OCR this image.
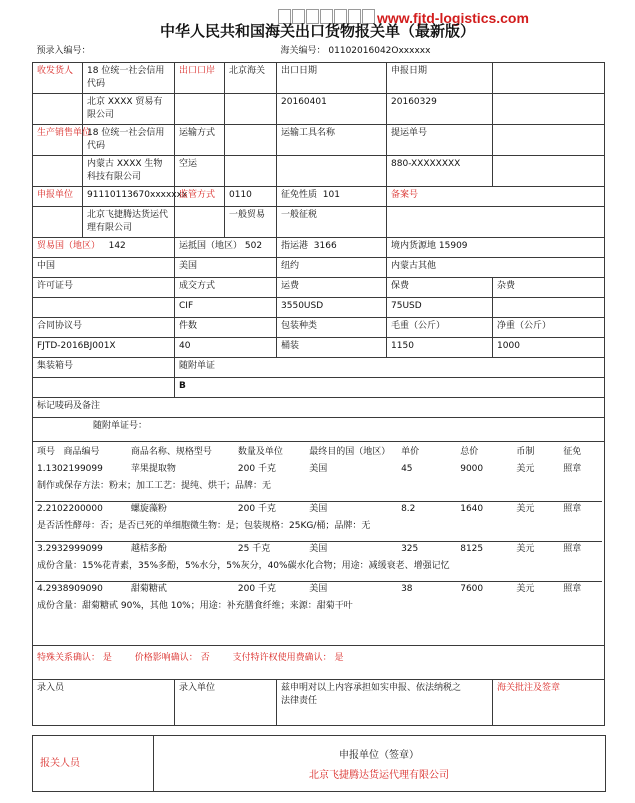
www.fjtd-logistics.com
中华人民共和国海关出口货物报关单（最新版）
预录入编号：	海关编号： 01102016042Oxxxxxx
收发货人	18 位统一社会信用代码	出口口岸	北京海关	出口日期	申报日期	
	北京 XXXX 贸易有限公司			20160401	20160329	
生产销售单位	18 位统一社会信用代码	运输方式		运输工具名称	提运单号	
	内蒙古 XXXX 生物科技有限公司	空运			880-XXXXXXXX	
申报单位	91110113670xxxxxxx	监管方式	0110	征免性质 101	备案号
	北京飞捷腾达货运代理有限公司		一般贸易	一般征税	
贸易国（地区） 142	运抵国（地区） 502	指运港 3166	境内货源地 15909
中国	美国	纽约	内蒙古其他
许可证号	成交方式	运费	保费	杂费
	CIF	3550USD	75USD	
合同协议号	件数	包装种类	毛重（公斤）	净重（公斤）
FJTD-2016BJ001X	40	桶装	1150	1000
集装箱号	随附单证
	B
标记唛码及备注
随附单证号：

项号	商品编号	商品名称、规格型号	数量及单位	最终目的国（地区）	单价	总价	币制	征免
1.1302199099		苹果提取物	200 千克	美国	45	9000	美元	照章
制作或保存方法：粉末；加工工艺：提纯、烘干；品牌：无
2.2102200000		螺旋藻粉	200 千克	美国	8.2	1640	美元	照章
是否活性酵母：否；是否已死的单细胞微生物：是；包装规格：25KG/桶；品牌：无
3.2932999099		越桔多酚	25 千克	美国	325	8125	美元	照章
成份含量：15%花青素，35%多酚，5%水分，5%灰分，40%碳水化合物；用途：减缓衰老、增强记忆
4.2938909090		甜菊糖甙	200 千克	美国	38	7600	美元	照章
成份含量：甜菊糖甙 90%，其他 10%；用途：补充膳食纤维；来源：甜菊干叶

特殊关系确认： 是	价格影响确认： 否	支付特许权使用费确认： 是
录入员	录入单位	兹申明对以上内容承担如实申报、依法纳税之
法律责任
	海关批注及签章
报关人员
申报单位（签章）
北京飞捷腾达货运代理有限公司
